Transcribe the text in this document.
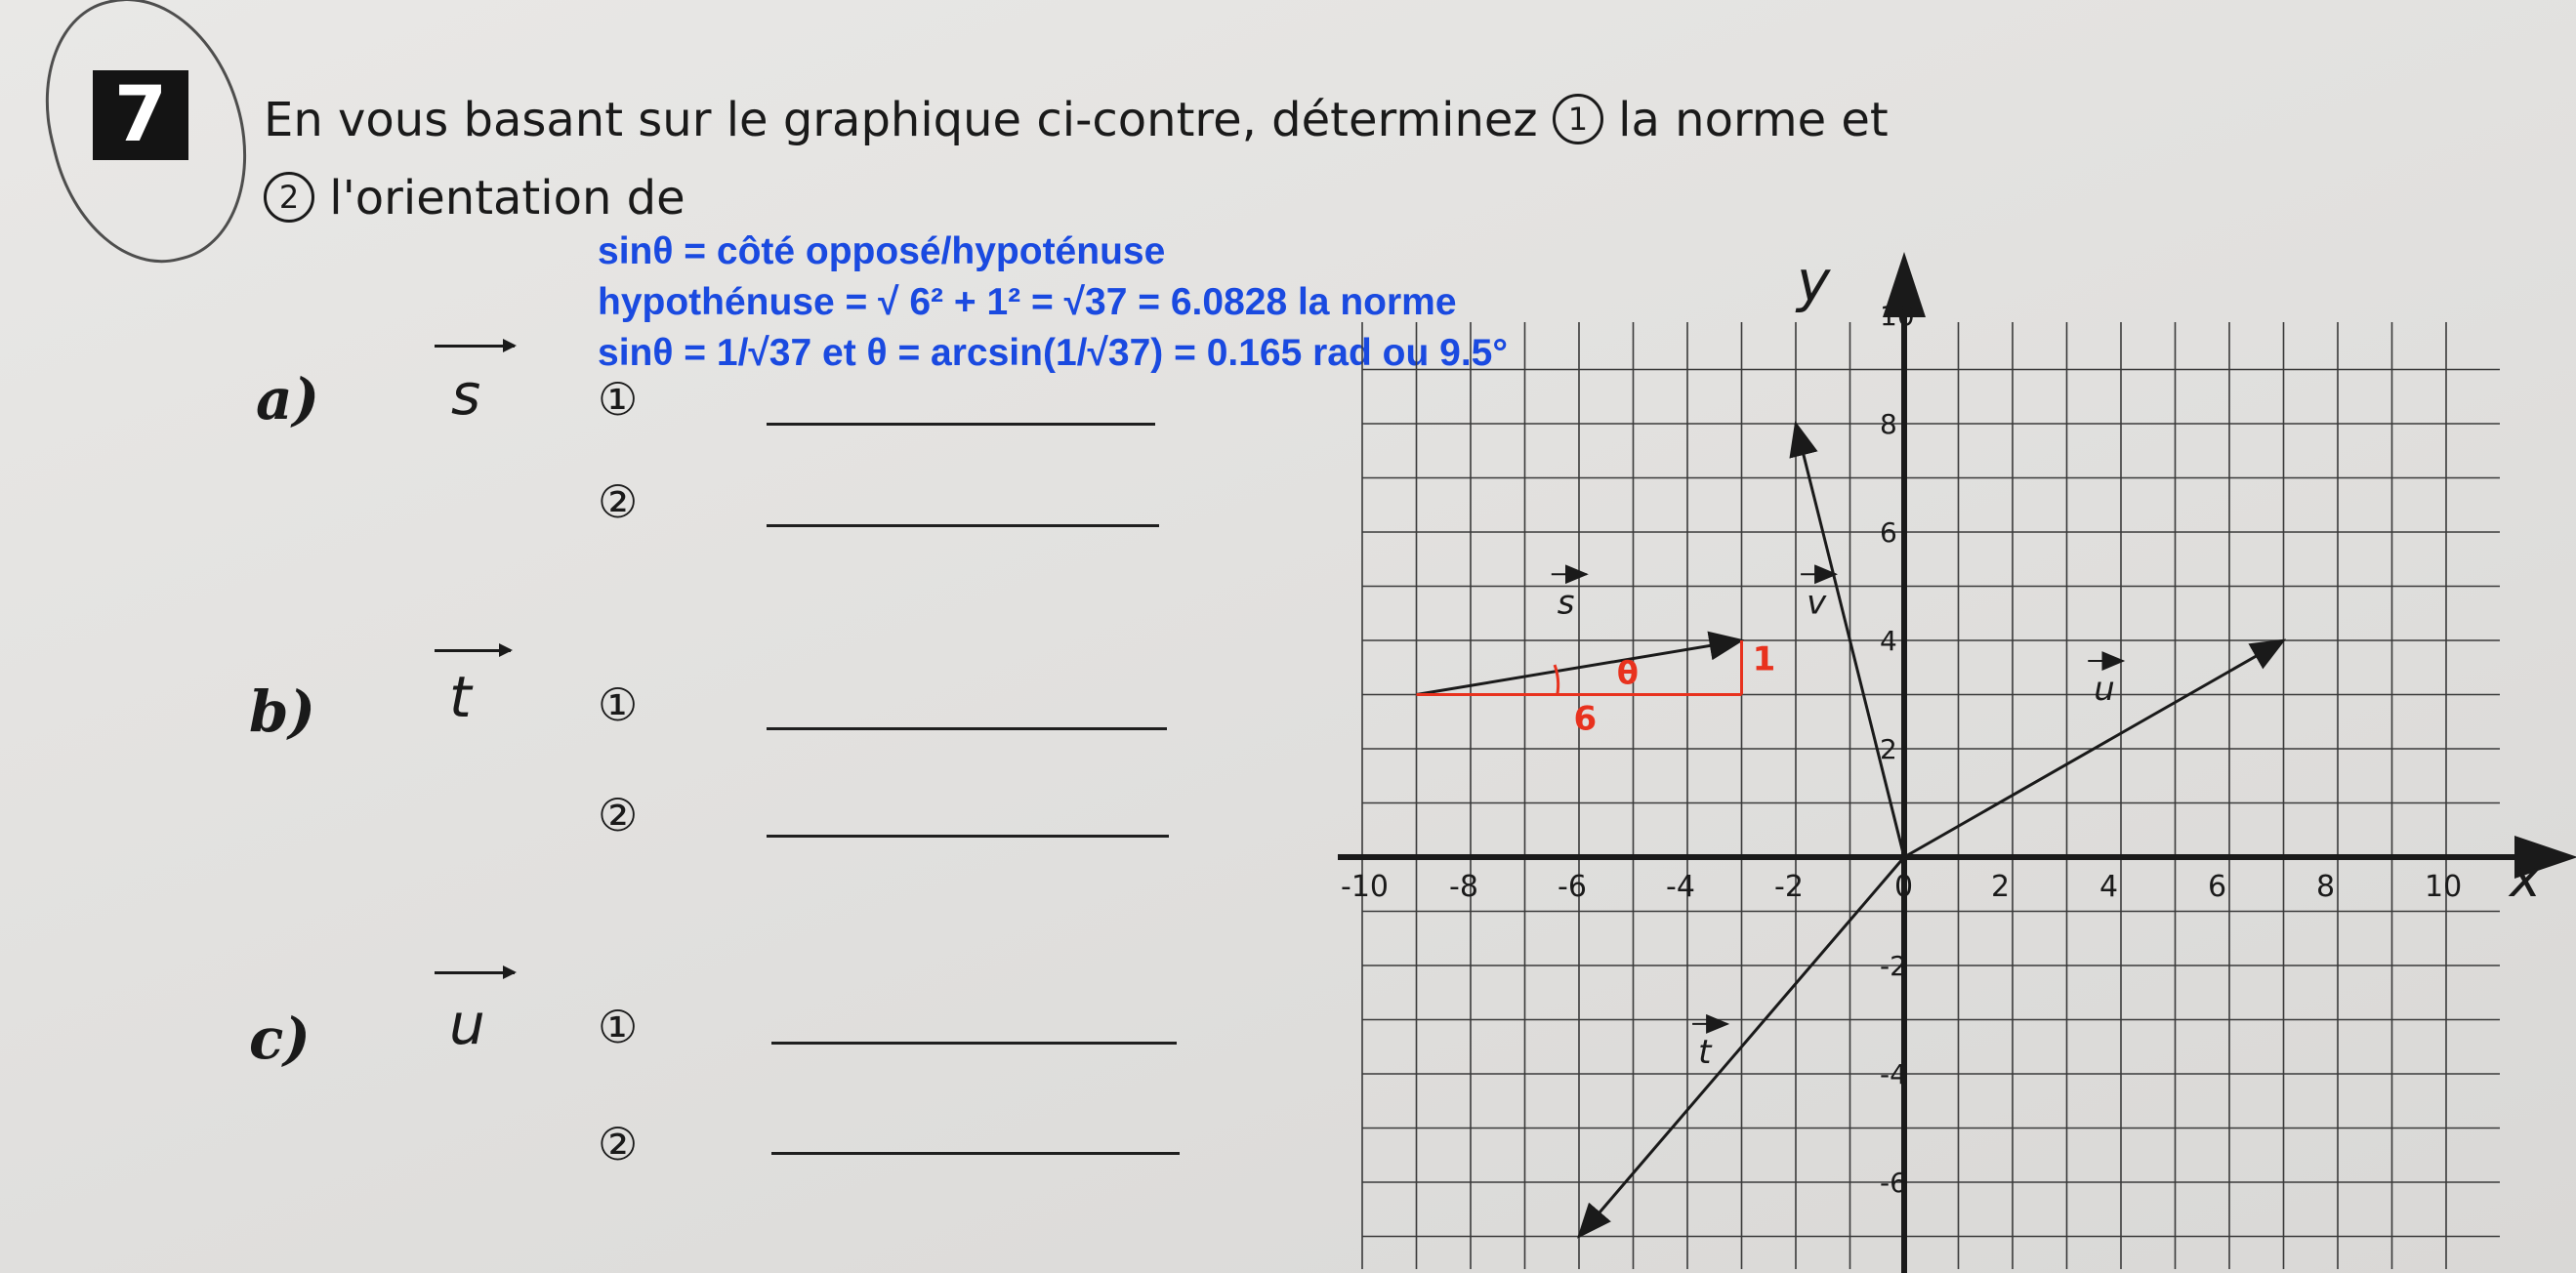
7	En vous basant sur le graphique ci-contre, déterminez 1 la norme et
2 l'orientation de
sinθ = côté opposé/hypoténuse
hypothénuse = √ 6² + 1² = √37 = 6.0828 la norme
sinθ = 1/√37 et θ = arcsin(1/√37) = 0.165 rad ou 9.5°
a) s	①
②
b) t	①
②
c) u	①
②
-10 -8	-6	-4	-2	0	2	4	6	8	10
10
8
6
4
2
-2
-4
-6
s	v
u
t
6
1
θ
x
y
